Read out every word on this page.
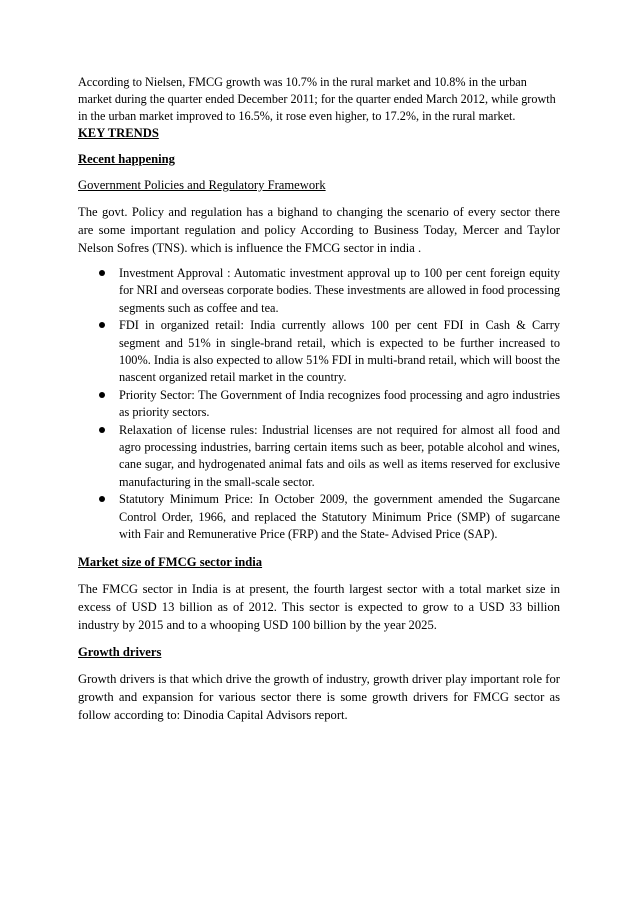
According to Nielsen, FMCG growth was 10.7% in the rural market and 10.8% in the urban market during the quarter ended December 2011; for the quarter ended March 2012, while growth in the urban market improved to 16.5%, it rose even higher, to 17.2%, in the rural market.

KEY TRENDS

Recent happening

Government Policies and Regulatory Framework

The govt. Policy and regulation has a bighand to changing the scenario of every sector there are some important regulation and policy According to Business Today, Mercer and Taylor Nelson Sofres (TNS). which is influence the FMCG sector in india .

Investment Approval : Automatic investment approval up to 100 per cent foreign equity for NRI and overseas corporate bodies. These investments are allowed in food processing segments such as coffee and tea.
FDI in organized retail: India currently allows 100 per cent FDI in Cash & Carry segment and 51% in single-brand retail, which is expected to be further increased to 100%. India is also expected to allow 51% FDI in multi-brand retail, which will boost the nascent organized retail market in the country.
Priority Sector: The Government of India recognizes food processing and agro industries as priority sectors.
Relaxation of license rules: Industrial licenses are not required for almost all food and agro processing industries, barring certain items such as beer, potable alcohol and wines, cane sugar, and hydrogenated animal fats and oils as well as items reserved for exclusive manufacturing in the small-scale sector.
Statutory Minimum Price: In October 2009, the government amended the Sugarcane Control Order, 1966, and replaced the Statutory Minimum Price (SMP) of sugarcane with Fair and Remunerative Price (FRP) and the State- Advised Price (SAP).

Market size of FMCG sector india

The FMCG sector in India is at present, the fourth largest sector with a total market size in excess of USD 13 billion as of 2012. This sector is expected to grow to a USD 33 billion industry by 2015 and to a whooping USD 100 billion by the year 2025.

Growth drivers

Growth drivers is that which drive the growth of industry, growth driver play important role for growth and expansion for various sector there is some growth drivers for FMCG sector as follow according to: Dinodia Capital Advisors report.
